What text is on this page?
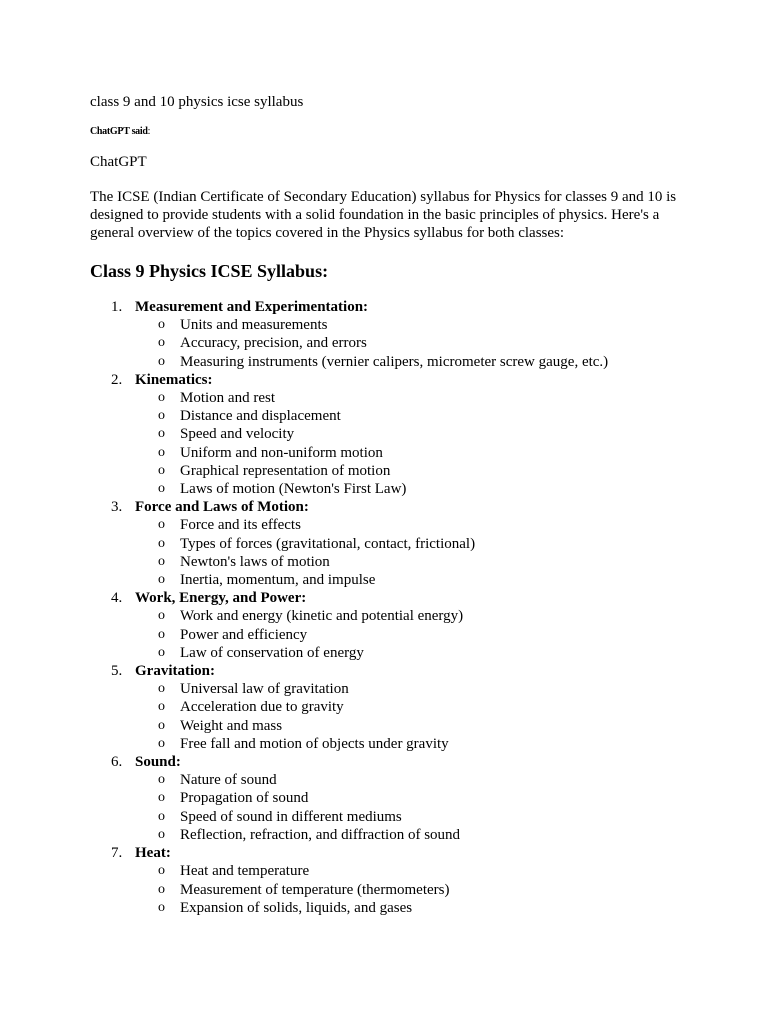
class 9 and 10 physics icse syllabus

ChatGPT said:
ChatGPT
The ICSE (Indian Certificate of Secondary Education) syllabus for Physics for classes 9 and 10 is designed to provide students with a solid foundation in the basic principles of physics. Here's a general overview of the topics covered in the Physics syllabus for both classes:
Class 9 Physics ICSE Syllabus:
1. Measurement and Experimentation:
o	Units and measurements
o	Accuracy, precision, and errors
o	Measuring instruments (vernier calipers, micrometer screw gauge, etc.)
2. Kinematics:
o	Motion and rest
o	Distance and displacement
o	Speed and velocity
o	Uniform and non-uniform motion
o	Graphical representation of motion
o	Laws of motion (Newton's First Law)
3. Force and Laws of Motion:
o	Force and its effects
o	Types of forces (gravitational, contact, frictional)
o	Newton's laws of motion
o	Inertia, momentum, and impulse
4. Work, Energy, and Power:
o	Work and energy (kinetic and potential energy)
o	Power and efficiency
o	Law of conservation of energy
5. Gravitation:
o	Universal law of gravitation
o	Acceleration due to gravity
o	Weight and mass
o	Free fall and motion of objects under gravity
6. Sound:
o	Nature of sound
o	Propagation of sound
o	Speed of sound in different mediums
o	Reflection, refraction, and diffraction of sound
7. Heat:
o	Heat and temperature
o	Measurement of temperature (thermometers)
o	Expansion of solids, liquids, and gases
